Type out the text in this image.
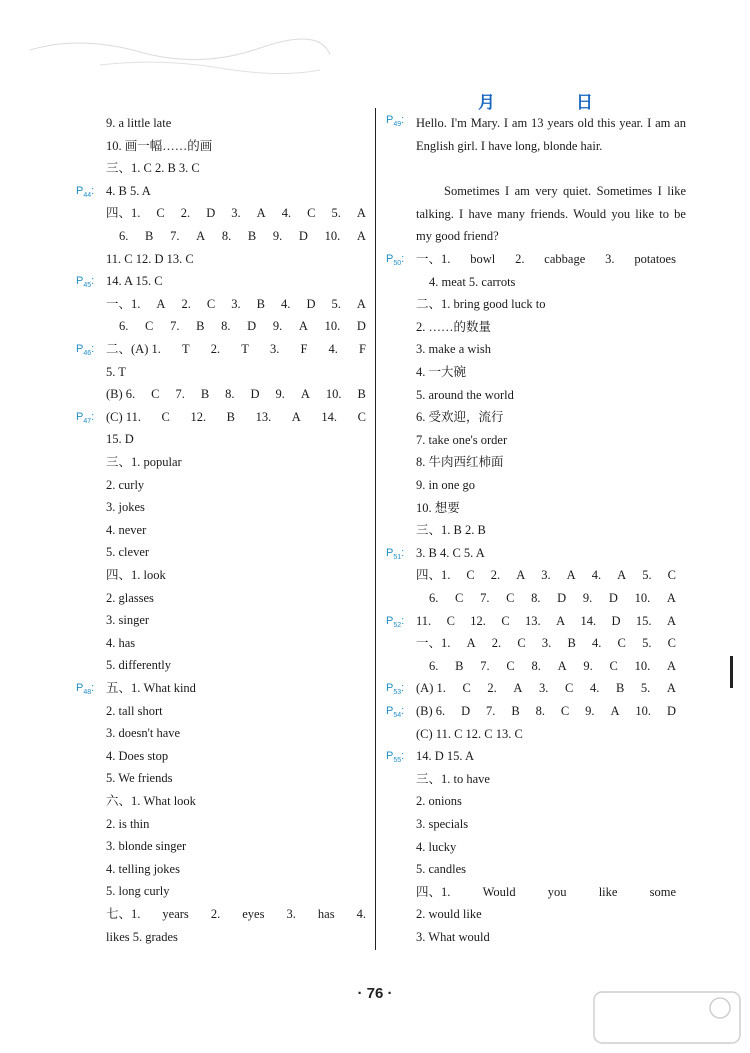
月	日
9. a little late
10. 画一幅……的画
三、1. C 2. B 3. C
$P_{44}$: 4. B 5. A
四、1. C 2. D 3. A 4. C 5. A
6. B 7. A 8. B 9. D 10. A
11. C 12. D 13. C
$P_{45}$: 14. A 15. C
一、1. A 2. C 3. B 4. D 5. A
6. C 7. B 8. D 9. A 10. D
$P_{46}$: 二、(A) 1. T 2. T 3. F 4. F
5. T
(B) 6. C 7. B 8. D 9. A 10. B
$P_{47}$: (C) 11. C 12. B 13. A 14. C
15. D
三、1. popular
2. curly
3. jokes
4. never
5. clever
四、1. look
2. glasses
3. singer
4. has
5. differently
$P_{48}$: 五、1. What kind
2. tall short
3. doesn't have
4. Does stop
5. We friends
六、1. What look
2. is thin
3. blonde singer
4. telling jokes
5. long curly
七、1. years 2. eyes 3. has 4.
likes 5. grades
$P_{49}$: Hello. I'm Mary. I am 13 years old this year. I am an English girl. I have long, blonde hair.
Sometimes I am very quiet. Sometimes I like talking. I have many friends. Would you like to be my good friend?
$P_{50}$: 一、1. bowl 2. cabbage 3. potatoes
4. meat 5. carrots
二、1. bring good luck to
2. ……的数量
3. make a wish
4. 一大碗
5. around the world
6. 受欢迎，流行
7. take one's order
8. 牛肉西红柿面
9. in one go
10. 想要
三、1. B 2. B
$P_{51}$: 3. B 4. C 5. A
四、1. C 2. A 3. A 4. A 5. C
6. C 7. C 8. D 9. D 10. A
$P_{52}$: 11. C 12. C 13. A 14. D 15. A
一、1. A 2. C 3. B 4. C 5. C
6. B 7. C 8. A 9. C 10. A
$P_{53}$: (A) 1. C 2. A 3. C 4. B 5. A
$P_{54}$: (B) 6. D 7. B 8. C 9. A 10. D
(C) 11. C 12. C 13. C
$P_{55}$: 14. D 15. A
三、1. to have
2. onions
3. specials
4. lucky
5. candles
四、1.	Would	you	like	some
2. would like
3. What would
· 76 ·
